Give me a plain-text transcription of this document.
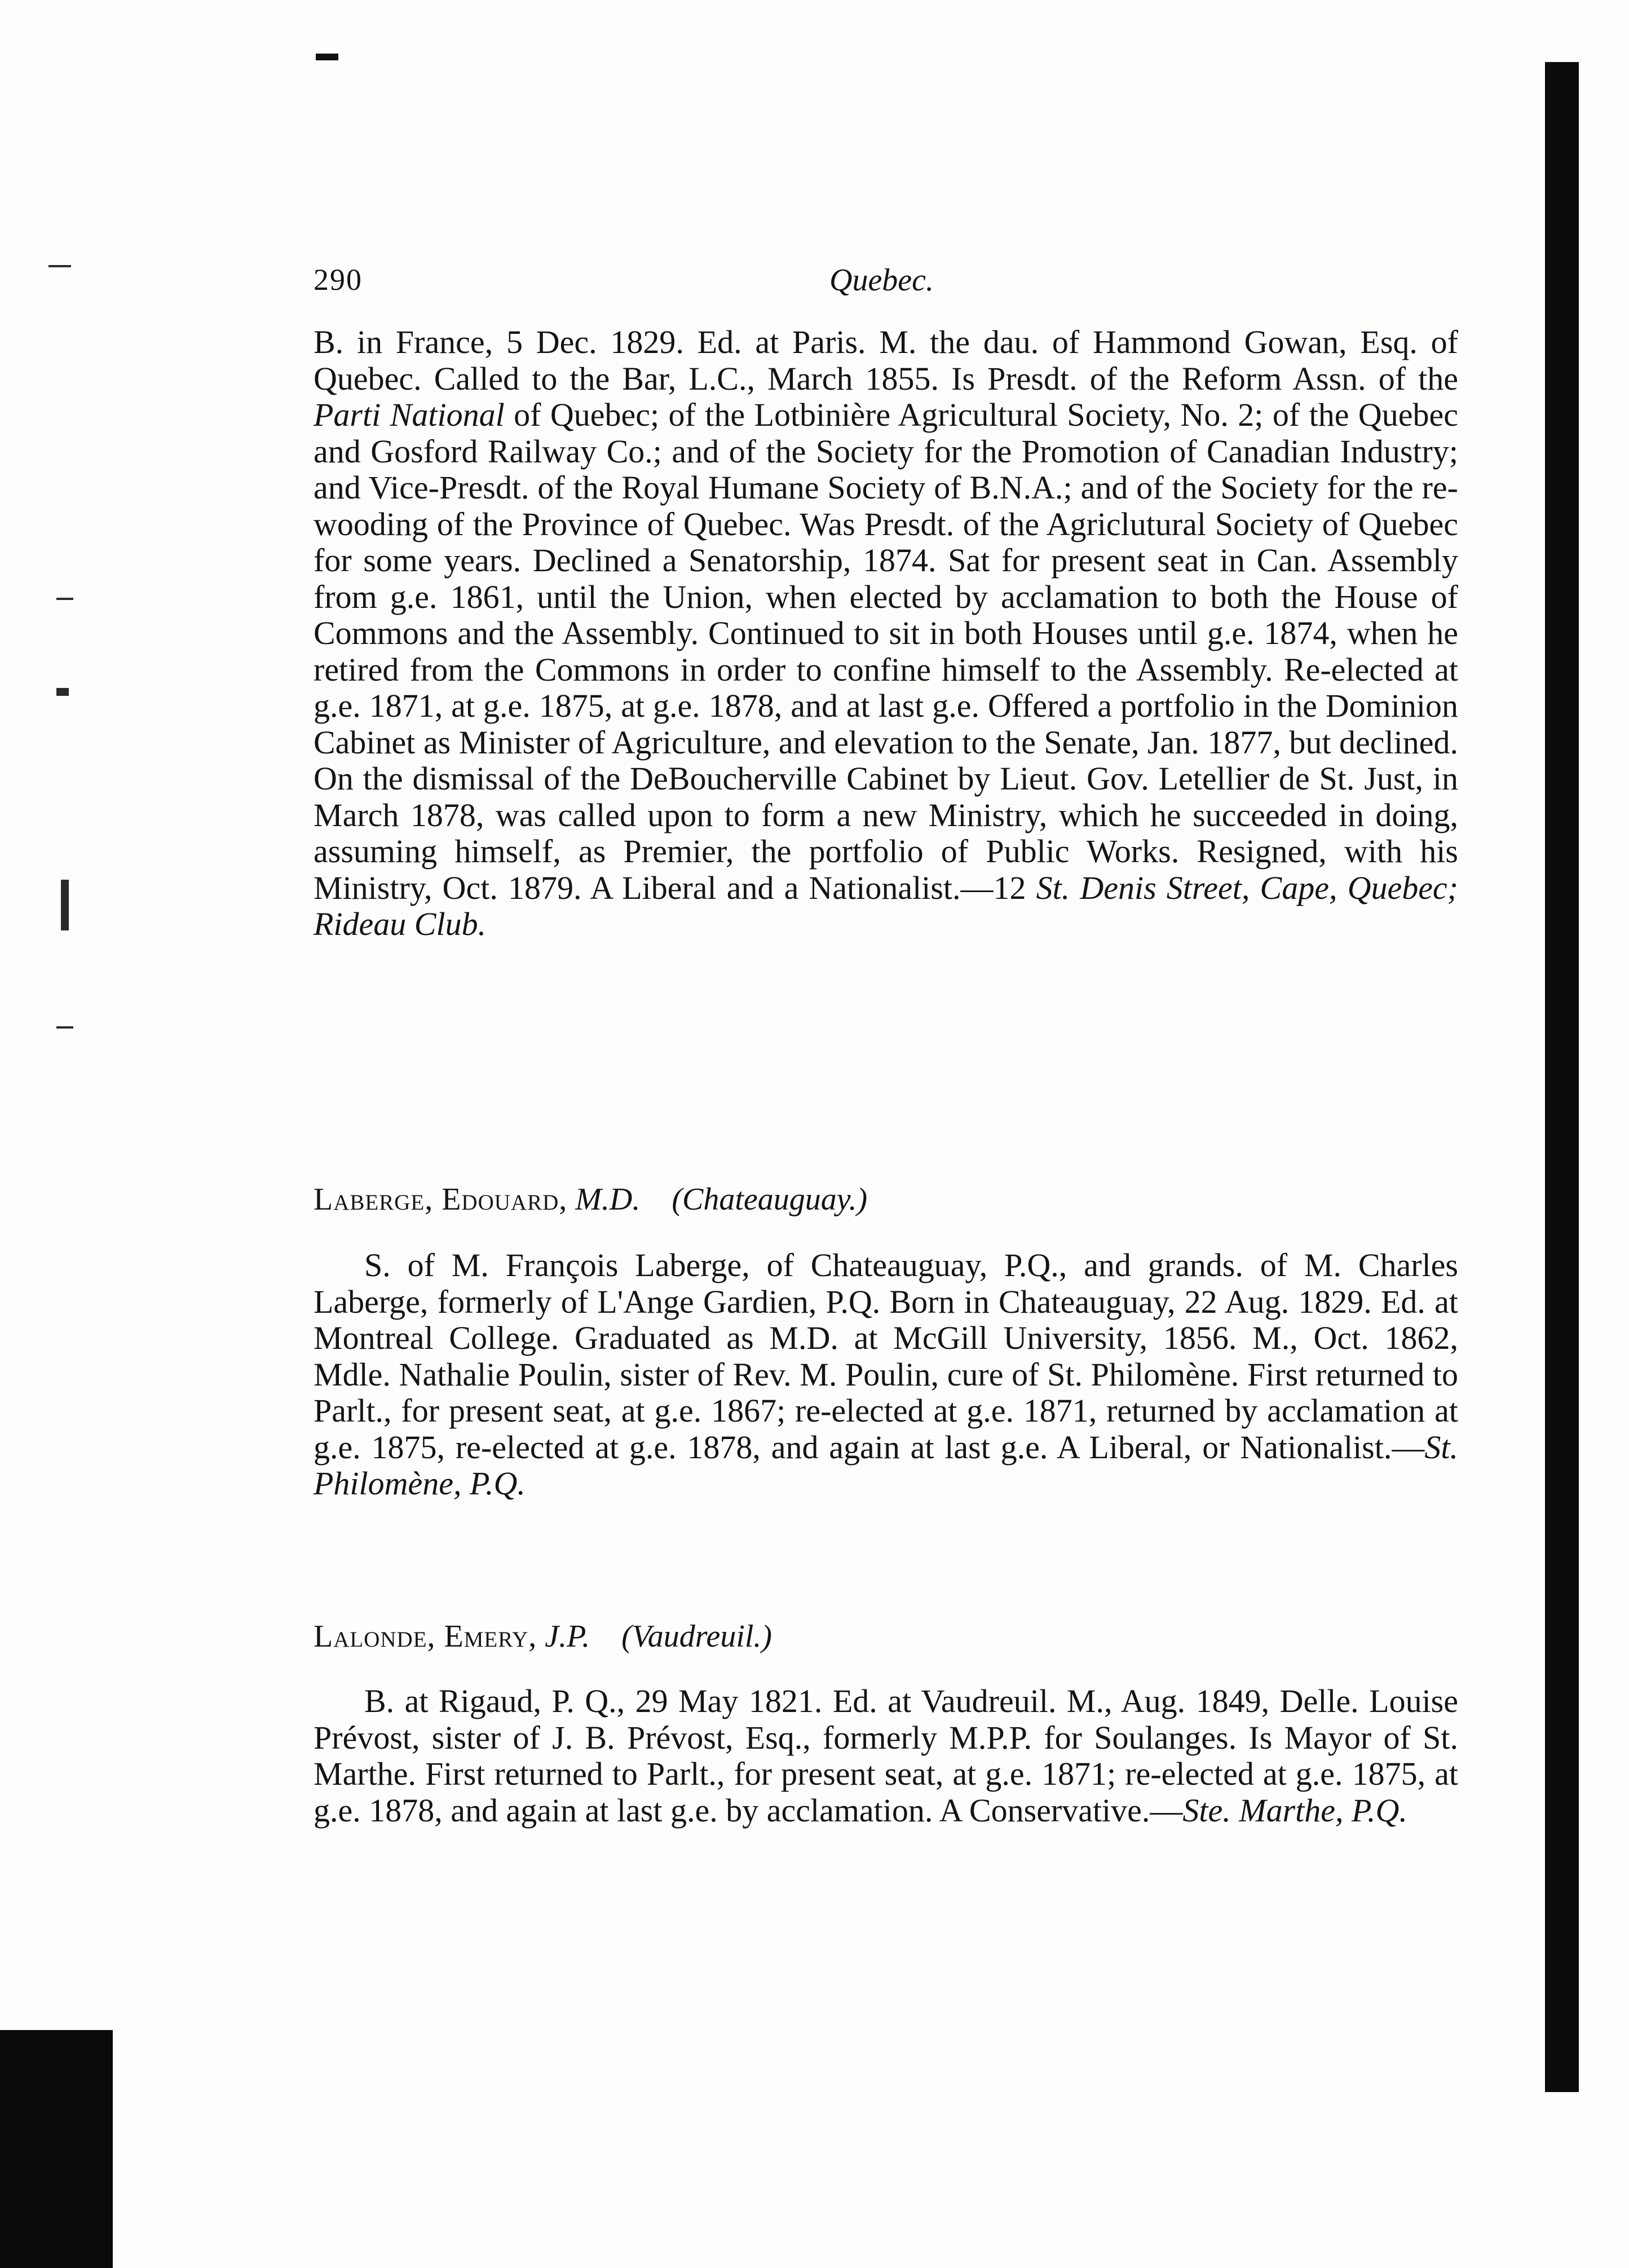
290	Quebec.
B. in France, 5 Dec. 1829. Ed. at Paris. M. the dau. of Hammond Gowan, Esq. of Quebec. Called to the Bar, L.C., March 1855. Is Presdt. of the Reform Assn. of the Parti National of Quebec; of the Lotbinière Agricultural Society, No. 2; of the Quebec and Gosford Railway Co.; and of the Society for the Promotion of Canadian Industry; and Vice-Presdt. of the Royal Humane Society of B.N.A.; and of the Society for the re-wooding of the Province of Quebec. Was Presdt. of the Agriclutural Society of Quebec for some years. Declined a Senatorship, 1874. Sat for present seat in Can. Assembly from g.e. 1861, until the Union, when elected by acclamation to both the House of Commons and the Assembly. Continued to sit in both Houses until g.e. 1874, when he retired from the Commons in order to confine himself to the Assembly. Re-elected at g.e. 1871, at g.e. 1875, at g.e. 1878, and at last g.e. Offered a portfolio in the Dominion Cabinet as Minister of Agriculture, and elevation to the Senate, Jan. 1877, but declined. On the dismissal of the DeBoucherville Cabinet by Lieut. Gov. Letellier de St. Just, in March 1878, was called upon to form a new Ministry, which he succeeded in doing, assuming himself, as Premier, the portfolio of Public Works. Resigned, with his Ministry, Oct. 1879. A Liberal and a Nationalist.—12 St. Denis Street, Cape, Quebec; Rideau Club.
Laberge, Edouard, M.D. (Chateauguay.)
S. of M. François Laberge, of Chateauguay, P.Q., and grands. of M. Charles Laberge, formerly of L'Ange Gardien, P.Q. Born in Chateauguay, 22 Aug. 1829. Ed. at Montreal College. Graduated as M.D. at McGill University, 1856. M., Oct. 1862, Mdle. Nathalie Poulin, sister of Rev. M. Poulin, cure of St. Philomène. First returned to Parlt., for present seat, at g.e. 1867; re-elected at g.e. 1871, returned by acclamation at g.e. 1875, re-elected at g.e. 1878, and again at last g.e. A Liberal, or Nationalist.—St. Philomène, P.Q.
Lalonde, Emery, J.P. (Vaudreuil.)
B. at Rigaud, P. Q., 29 May 1821. Ed. at Vaudreuil. M., Aug. 1849, Delle. Louise Prévost, sister of J. B. Prévost, Esq., formerly M.P.P. for Soulanges. Is Mayor of St. Marthe. First returned to Parlt., for present seat, at g.e. 1871; re-elected at g.e. 1875, at g.e. 1878, and again at last g.e. by acclamation. A Conservative.—Ste. Marthe, P.Q.
